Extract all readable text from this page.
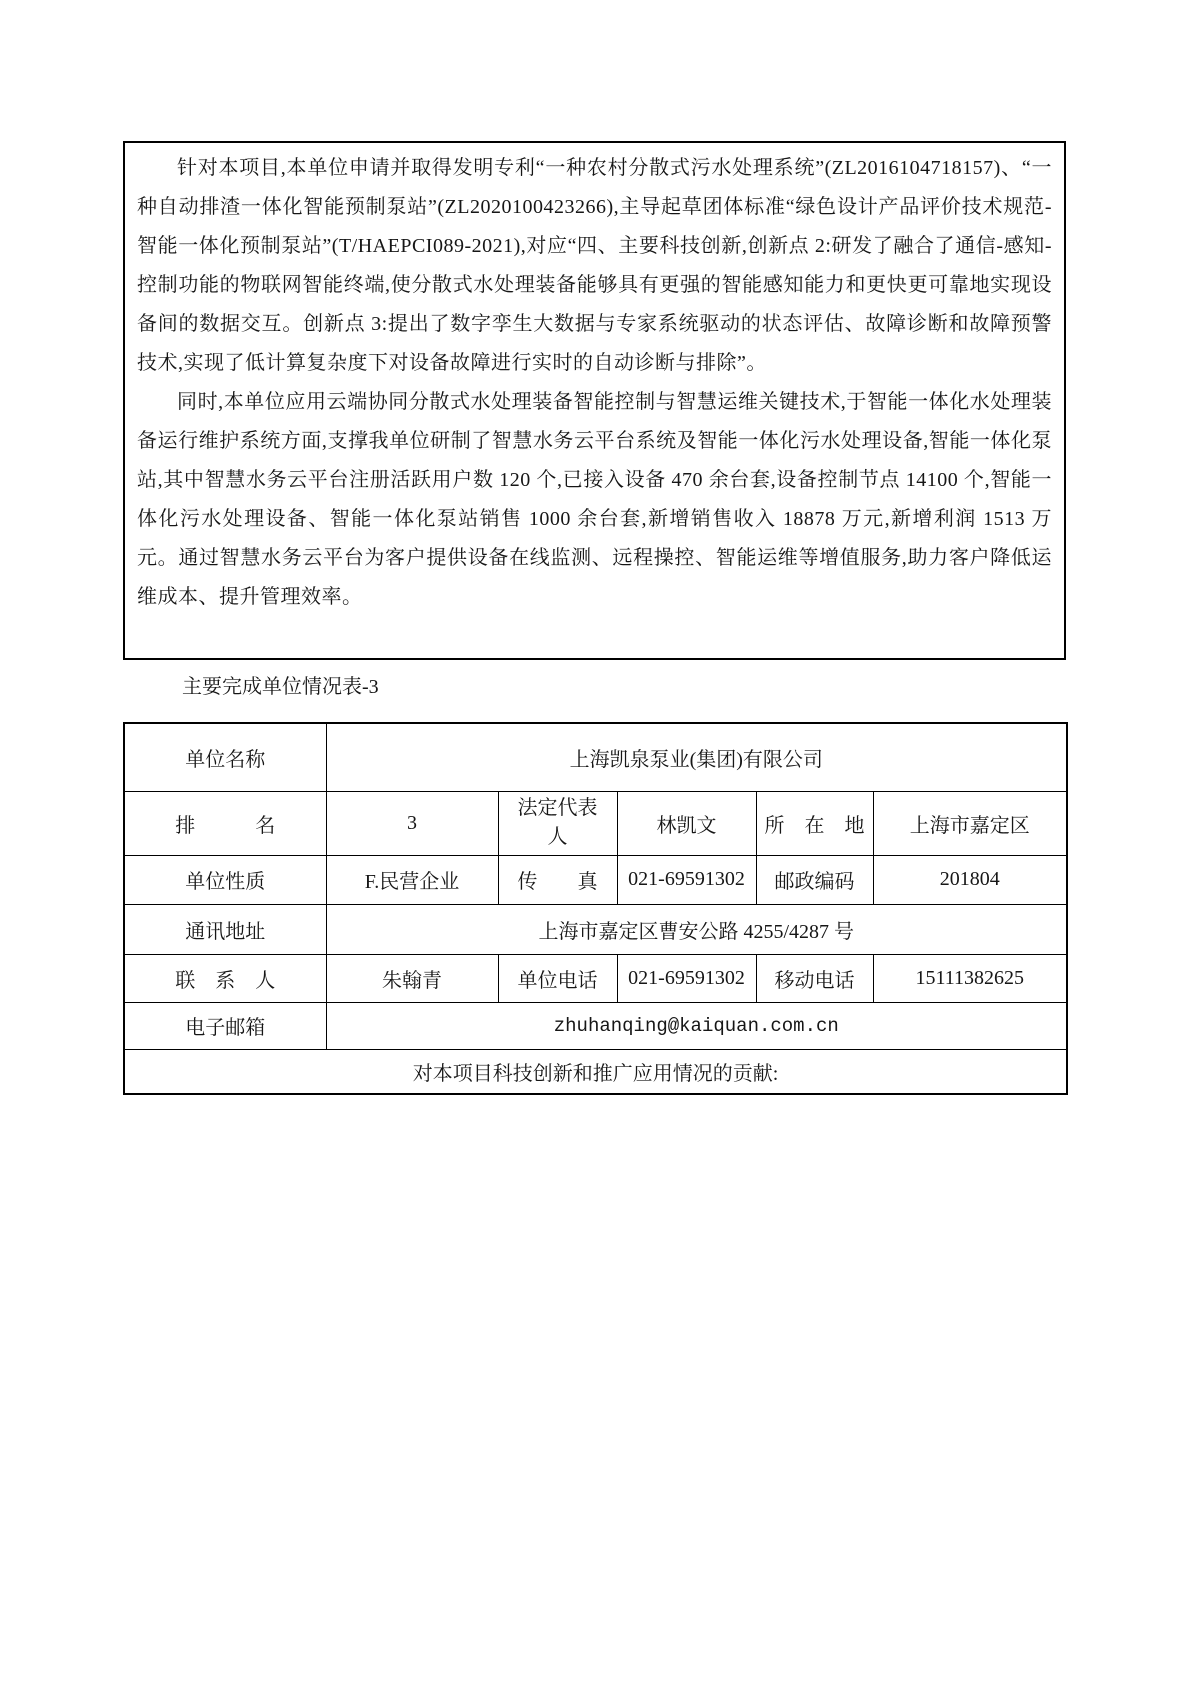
针对本项目,本单位申请并取得发明专利“一种农村分散式污水处理系统”(ZL2016104718157)、“一种自动排渣一体化智能预制泵站”(ZL2020100423266),主导起草团体标准“绿色设计产品评价技术规范-智能一体化预制泵站”(T/HAEPCI089-2021),对应“四、主要科技创新,创新点 2:研发了融合了通信-感知-控制功能的物联网智能终端,使分散式水处理装备能够具有更强的智能感知能力和更快更可靠地实现设备间的数据交互。创新点 3:提出了数字孪生大数据与专家系统驱动的状态评估、故障诊断和故障预警技术,实现了低计算复杂度下对设备故障进行实时的自动诊断与排除”。

同时,本单位应用云端协同分散式水处理装备智能控制与智慧运维关键技术,于智能一体化水处理装备运行维护系统方面,支撑我单位研制了智慧水务云平台系统及智能一体化污水处理设备,智能一体化泵站,其中智慧水务云平台注册活跃用户数 120 个,已接入设备 470 余台套,设备控制节点 14100 个,智能一体化污水处理设备、智能一体化泵站销售 1000 余台套,新增销售收入 18878 万元,新增利润 1513 万元。通过智慧水务云平台为客户提供设备在线监测、远程操控、智能运维等增值服务,助力客户降低运维成本、提升管理效率。

主要完成单位情况表-3
单位名称	上海凯泉泵业(集团)有限公司				
排　　　名	3	法定代表人	林凯文	所　在　地	上海市嘉定区
单位性质	F.民营企业	传　　真	021-69591302	邮政编码	201804
通讯地址	上海市嘉定区曹安公路 4255/4287 号				
联　系　人	朱翰青	单位电话	021-69591302	移动电话	15111382625
电子邮箱	zhuhanqing@kaiquan.com.cn				
对本项目科技创新和推广应用情况的贡献:					
